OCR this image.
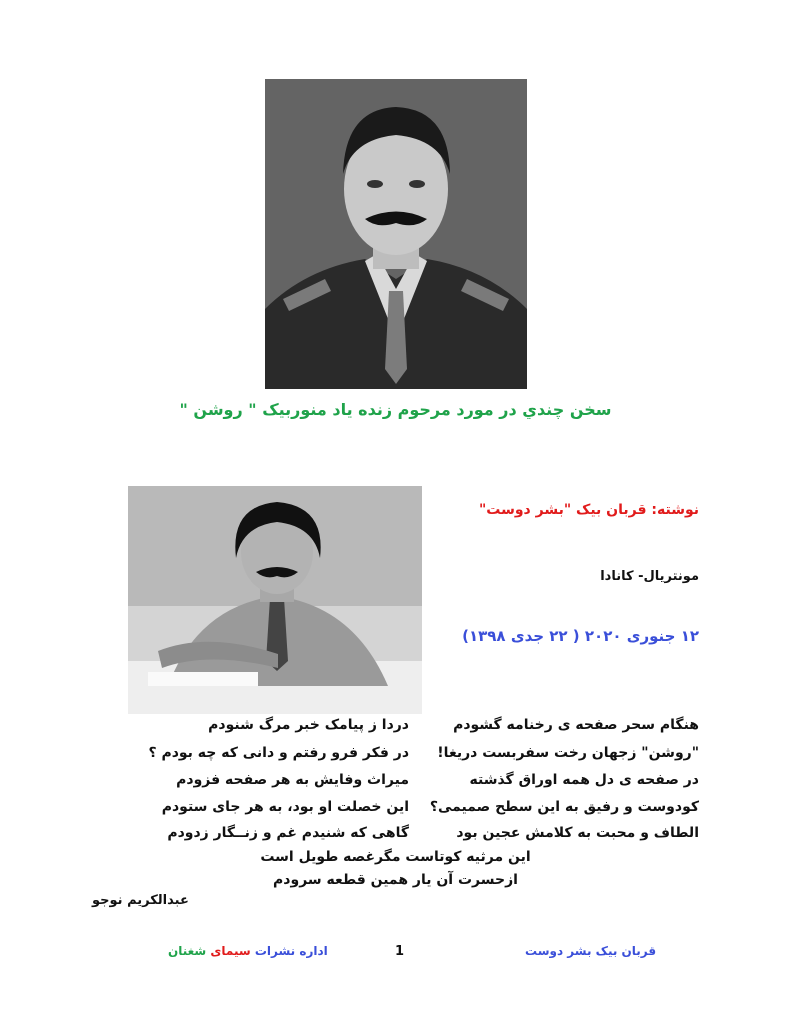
سخن چندي در مورد مرحوم زنده یاد منوربیک " روشن "
نوشته: قربان بیک "بشر دوست"
مونتریال- کانادا
۱۲ جنوری ۲۰۲۰ ( ۲۲ جدی ۱۳۹۸)
هنگام سحر صفحه ی رخنامه گشودم
دردا ز پیامک خبر مرگ شنودم
"روشن" زجهان رخت سفربست دریغا!
در فکر فرو رفتم و دانی که چه بودم ؟
در صفحه ی دل همه اوراق گذشته
میراث وفایش به هر صفحه فزودم
کودوست و رفیق به این سطح صمیمی؟
این خصلت او بود، به هر جای ستودم
الطاف و محبت به کلامش عجین بود
گاهی که شنیدم غم و زنــگار زدودم
این مرثیه کوتاست مگرغصه طویل است
ازحسرت آن یار همین قطعه سرودم
عبدالکریم نوجو
اداره نشرات سیمای شغنان	1	قربان بیک بشر دوست
